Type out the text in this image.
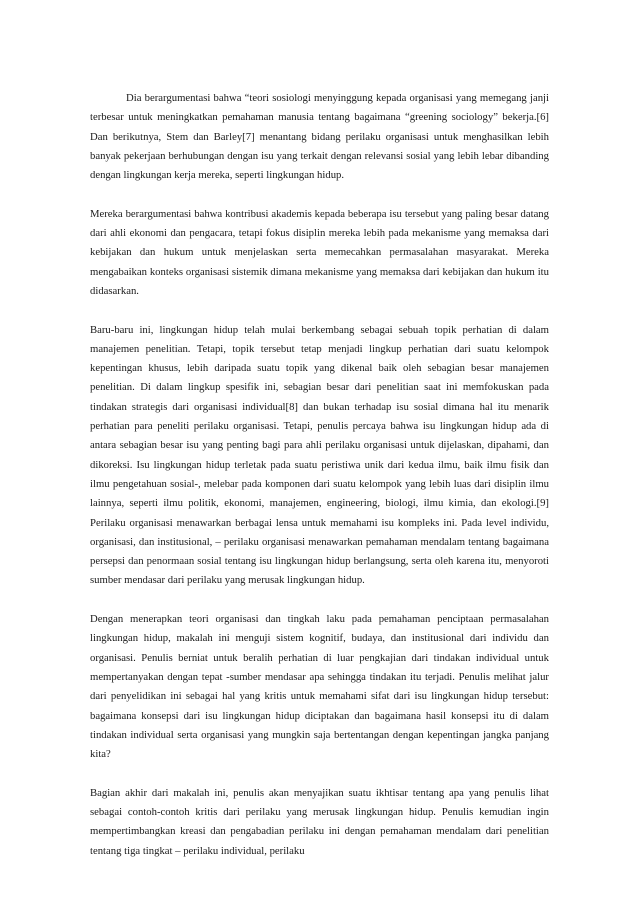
Dia berargumentasi bahwa “teori sosiologi menyinggung kepada organisasi yang memegang janji terbesar untuk meningkatkan pemahaman manusia tentang bagaimana “greening sociology” bekerja.[6] Dan berikutnya, Stem dan Barley[7] menantang bidang perilaku organisasi untuk menghasilkan lebih banyak pekerjaan berhubungan dengan isu yang terkait dengan relevansi sosial yang lebih lebar dibanding dengan lingkungan kerja mereka, seperti lingkungan hidup.

Mereka berargumentasi bahwa kontribusi akademis kepada beberapa isu tersebut yang paling besar datang dari ahli ekonomi dan pengacara, tetapi fokus disiplin mereka lebih pada mekanisme yang memaksa dari kebijakan dan hukum untuk menjelaskan serta memecahkan permasalahan masyarakat. Mereka mengabaikan konteks organisasi sistemik dimana mekanisme yang memaksa dari kebijakan dan hukum itu didasarkan.

Baru-baru ini, lingkungan hidup telah mulai berkembang sebagai sebuah topik perhatian di dalam manajemen penelitian. Tetapi, topik tersebut tetap menjadi lingkup perhatian dari suatu kelompok kepentingan khusus, lebih daripada suatu topik yang dikenal baik oleh sebagian besar manajemen penelitian. Di dalam lingkup spesifik ini, sebagian besar dari penelitian saat ini memfokuskan pada tindakan strategis dari organisasi individual[8] dan bukan terhadap isu sosial dimana hal itu menarik perhatian para peneliti perilaku organisasi. Tetapi, penulis percaya bahwa isu lingkungan hidup ada di antara sebagian besar isu yang penting bagi para ahli perilaku organisasi untuk dijelaskan, dipahami, dan dikoreksi. Isu lingkungan hidup terletak pada suatu peristiwa unik dari kedua ilmu, baik ilmu fisik dan ilmu pengetahuan sosial-, melebar pada komponen dari suatu kelompok yang lebih luas dari disiplin ilmu lainnya, seperti ilmu politik, ekonomi, manajemen, engineering, biologi, ilmu kimia, dan ekologi.[9] Perilaku organisasi menawarkan berbagai lensa untuk memahami isu kompleks ini. Pada level individu, organisasi, dan institusional, – perilaku organisasi menawarkan pemahaman mendalam tentang bagaimana persepsi dan penormaan sosial tentang isu lingkungan hidup berlangsung, serta oleh karena itu, menyoroti sumber mendasar dari perilaku yang merusak lingkungan hidup.

Dengan menerapkan teori organisasi dan tingkah laku pada pemahaman penciptaan permasalahan lingkungan hidup, makalah ini menguji sistem kognitif, budaya, dan institusional dari individu dan organisasi. Penulis berniat untuk beralih perhatian di luar pengkajian dari tindakan individual untuk mempertanyakan dengan tepat -sumber mendasar apa sehingga tindakan itu terjadi. Penulis melihat jalur dari penyelidikan ini sebagai hal yang kritis untuk memahami sifat dari isu lingkungan hidup tersebut: bagaimana konsepsi dari isu lingkungan hidup diciptakan dan bagaimana hasil konsepsi itu di dalam tindakan individual serta organisasi yang mungkin saja bertentangan dengan kepentingan jangka panjang kita?

Bagian akhir dari makalah ini, penulis akan menyajikan suatu ikhtisar tentang apa yang penulis lihat sebagai contoh-contoh kritis dari perilaku yang merusak lingkungan hidup. Penulis kemudian ingin mempertimbangkan kreasi dan pengabadian perilaku ini dengan pemahaman mendalam dari penelitian tentang tiga tingkat – perilaku individual, perilaku
